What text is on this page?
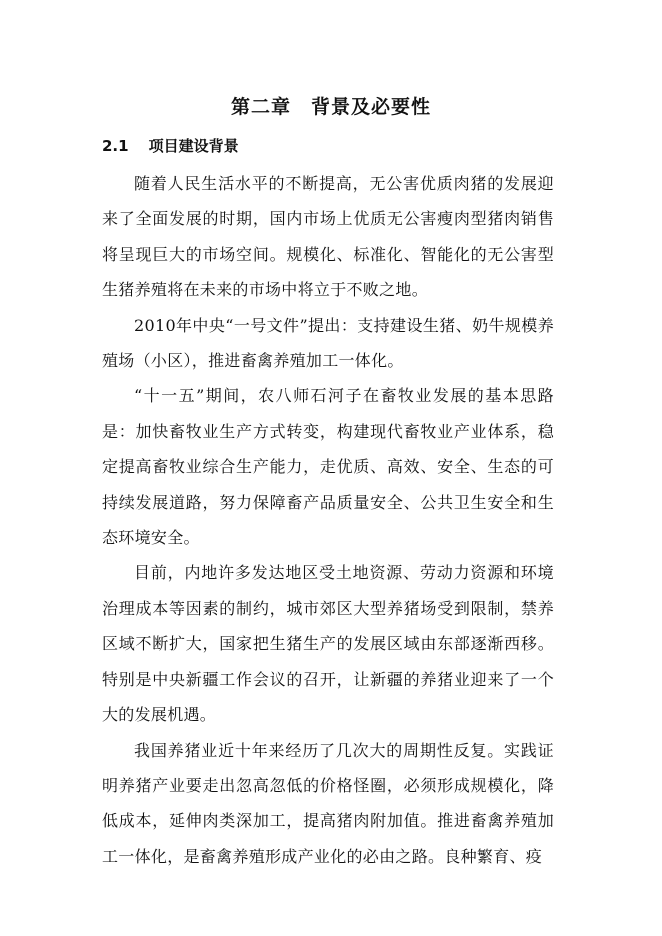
第二章　背景及必要性
2.1 项目建设背景

随着人民生活水平的不断提高，无公害优质肉猪的发展迎来了全面发展的时期，国内市场上优质无公害瘦肉型猪肉销售将呈现巨大的市场空间。规模化、标准化、智能化的无公害型生猪养殖将在未来的市场中将立于不败之地。

2010年中央“一号文件”提出：支持建设生猪、奶牛规模养殖场（小区），推进畜禽养殖加工一体化。

“十一五”期间，农八师石河子在畜牧业发展的基本思路是：加快畜牧业生产方式转变，构建现代畜牧业产业体系，稳定提高畜牧业综合生产能力，走优质、高效、安全、生态的可持续发展道路，努力保障畜产品质量安全、公共卫生安全和生态环境安全。

目前，内地许多发达地区受土地资源、劳动力资源和环境治理成本等因素的制约，城市郊区大型养猪场受到限制，禁养区域不断扩大，国家把生猪生产的发展区域由东部逐渐西移。特别是中央新疆工作会议的召开，让新疆的养猪业迎来了一个大的发展机遇。

我国养猪业近十年来经历了几次大的周期性反复。实践证明养猪产业要走出忽高忽低的价格怪圈，必须形成规模化，降低成本，延伸肉类深加工，提高猪肉附加值。推进畜禽养殖加工一体化，是畜禽养殖形成产业化的必由之路。良种繁育、疫
